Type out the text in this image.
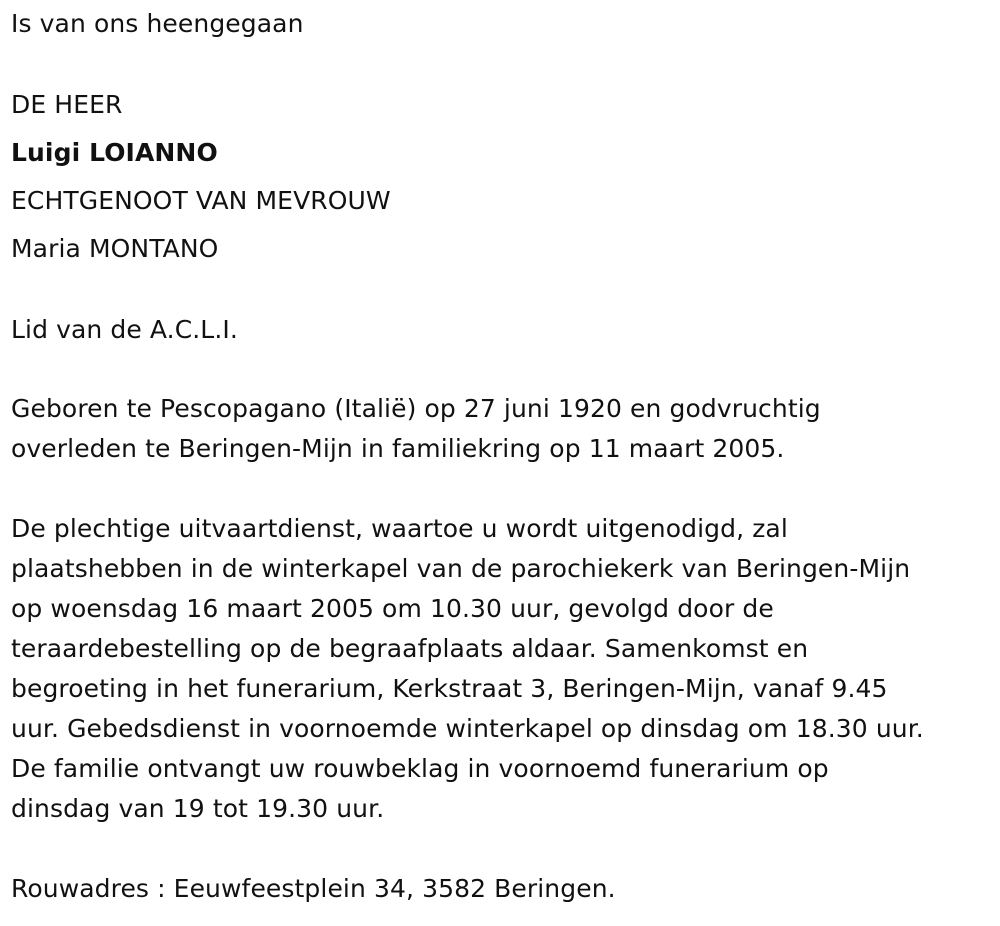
Is van ons heengegaan

DE HEER

Luigi LOIANNO

ECHTGENOOT VAN MEVROUW

Maria MONTANO

Lid van de A.C.L.I.

Geboren te Pescopagano (Italië) op 27 juni 1920 en godvruchtig

overleden te Beringen-Mijn in familiekring op 11 maart 2005.

De plechtige uitvaartdienst, waartoe u wordt uitgenodigd, zal

plaatshebben in de winterkapel van de parochiekerk van Beringen-Mijn

op woensdag 16 maart 2005 om 10.30 uur, gevolgd door de

teraardebestelling op de begraafplaats aldaar. Samenkomst en

begroeting in het funerarium, Kerkstraat 3, Beringen-Mijn, vanaf 9.45

uur. Gebedsdienst in voornoemde winterkapel op dinsdag om 18.30 uur.

De familie ontvangt uw rouwbeklag in voornoemd funerarium op

dinsdag van 19 tot 19.30 uur.

Rouwadres : Eeuwfeestplein 34, 3582 Beringen.
